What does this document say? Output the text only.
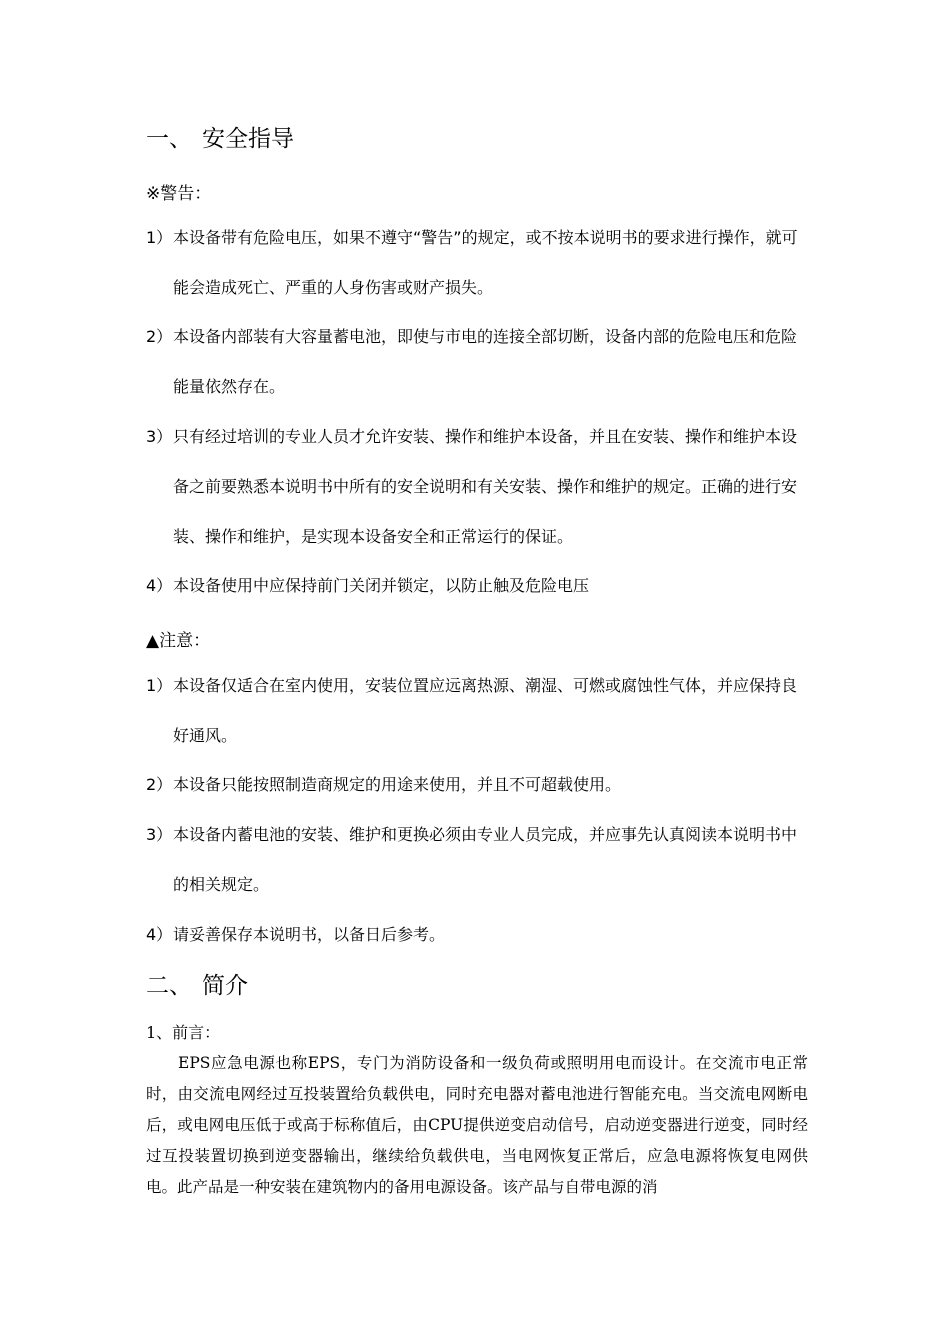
一、 安全指导
※警告：
1） 本设备带有危险电压，如果不遵守“警告”的规定，或不按本说明书的要求进行操作，就可能会造成死亡、严重的人身伤害或财产损失。
2） 本设备内部装有大容量蓄电池，即使与市电的连接全部切断，设备内部的危险电压和危险能量依然存在。
3） 只有经过培训的专业人员才允许安装、操作和维护本设备，并且在安装、操作和维护本设备之前要熟悉本说明书中所有的安全说明和有关安装、操作和维护的规定。正确的进行安装、操作和维护，是实现本设备安全和正常运行的保证。
4） 本设备使用中应保持前门关闭并锁定，以防止触及危险电压
▲注意：
1） 本设备仅适合在室内使用，安装位置应远离热源、潮湿、可燃或腐蚀性气体，并应保持良好通风。
2） 本设备只能按照制造商规定的用途来使用，并且不可超载使用。
3） 本设备内蓄电池的安装、维护和更换必须由专业人员完成，并应事先认真阅读本说明书中的相关规定。
4） 请妥善保存本说明书，以备日后参考。
二、 简介
1、前言：
EPS应急电源也称EPS，专门为消防设备和一级负荷或照明用电而设计。在交流市电正常时，由交流电网经过互投装置给负载供电，同时充电器对蓄电池进行智能充电。当交流电网断电后，或电网电压低于或高于标称值后，由CPU提供逆变启动信号，启动逆变器进行逆变，同时经过互投装置切换到逆变器输出，继续给负载供电，当电网恢复正常后，应急电源将恢复电网供电。此产品是一种安装在建筑物内的备用电源设备。该产品与自带电源的消
